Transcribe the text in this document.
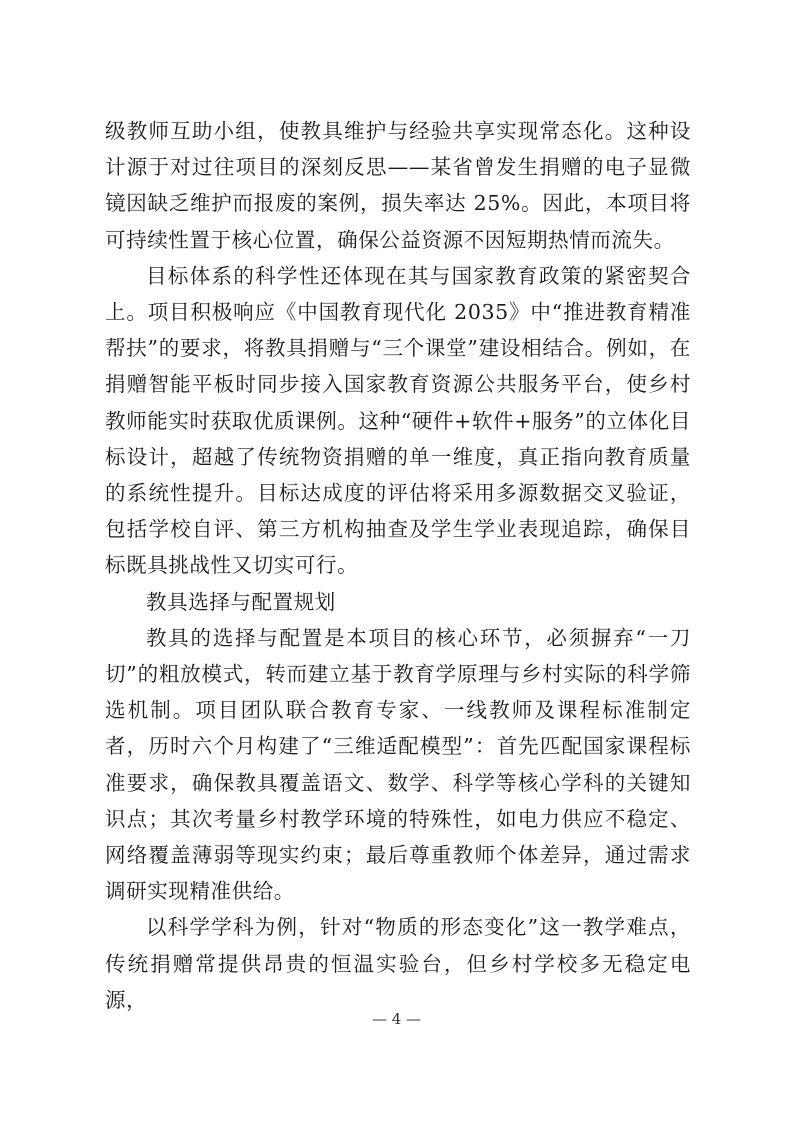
级教师互助小组，使教具维护与经验共享实现常态化。这种设计源于对过往项目的深刻反思——某省曾发生捐赠的电子显微镜因缺乏维护而报废的案例，损失率达 25%。因此，本项目将可持续性置于核心位置，确保公益资源不因短期热情而流失。

目标体系的科学性还体现在其与国家教育政策的紧密契合上。项目积极响应《中国教育现代化 2035》中“推进教育精准帮扶”的要求，将教具捐赠与“三个课堂”建设相结合。例如，在捐赠智能平板时同步接入国家教育资源公共服务平台，使乡村教师能实时获取优质课例。这种“硬件+软件+服务”的立体化目标设计，超越了传统物资捐赠的单一维度，真正指向教育质量的系统性提升。目标达成度的评估将采用多源数据交叉验证，包括学校自评、第三方机构抽查及学生学业表现追踪，确保目标既具挑战性又切实可行。

教具选择与配置规划

教具的选择与配置是本项目的核心环节，必须摒弃“一刀切”的粗放模式，转而建立基于教育学原理与乡村实际的科学筛选机制。项目团队联合教育专家、一线教师及课程标准制定者，历时六个月构建了“三维适配模型”：首先匹配国家课程标准要求，确保教具覆盖语文、数学、科学等核心学科的关键知识点；其次考量乡村教学环境的特殊性，如电力供应不稳定、网络覆盖薄弱等现实约束；最后尊重教师个体差异，通过需求调研实现精准供给。

以科学学科为例，针对“物质的形态变化”这一教学难点，传统捐赠常提供昂贵的恒温实验台，但乡村学校多无稳定电源，

— 4 —
